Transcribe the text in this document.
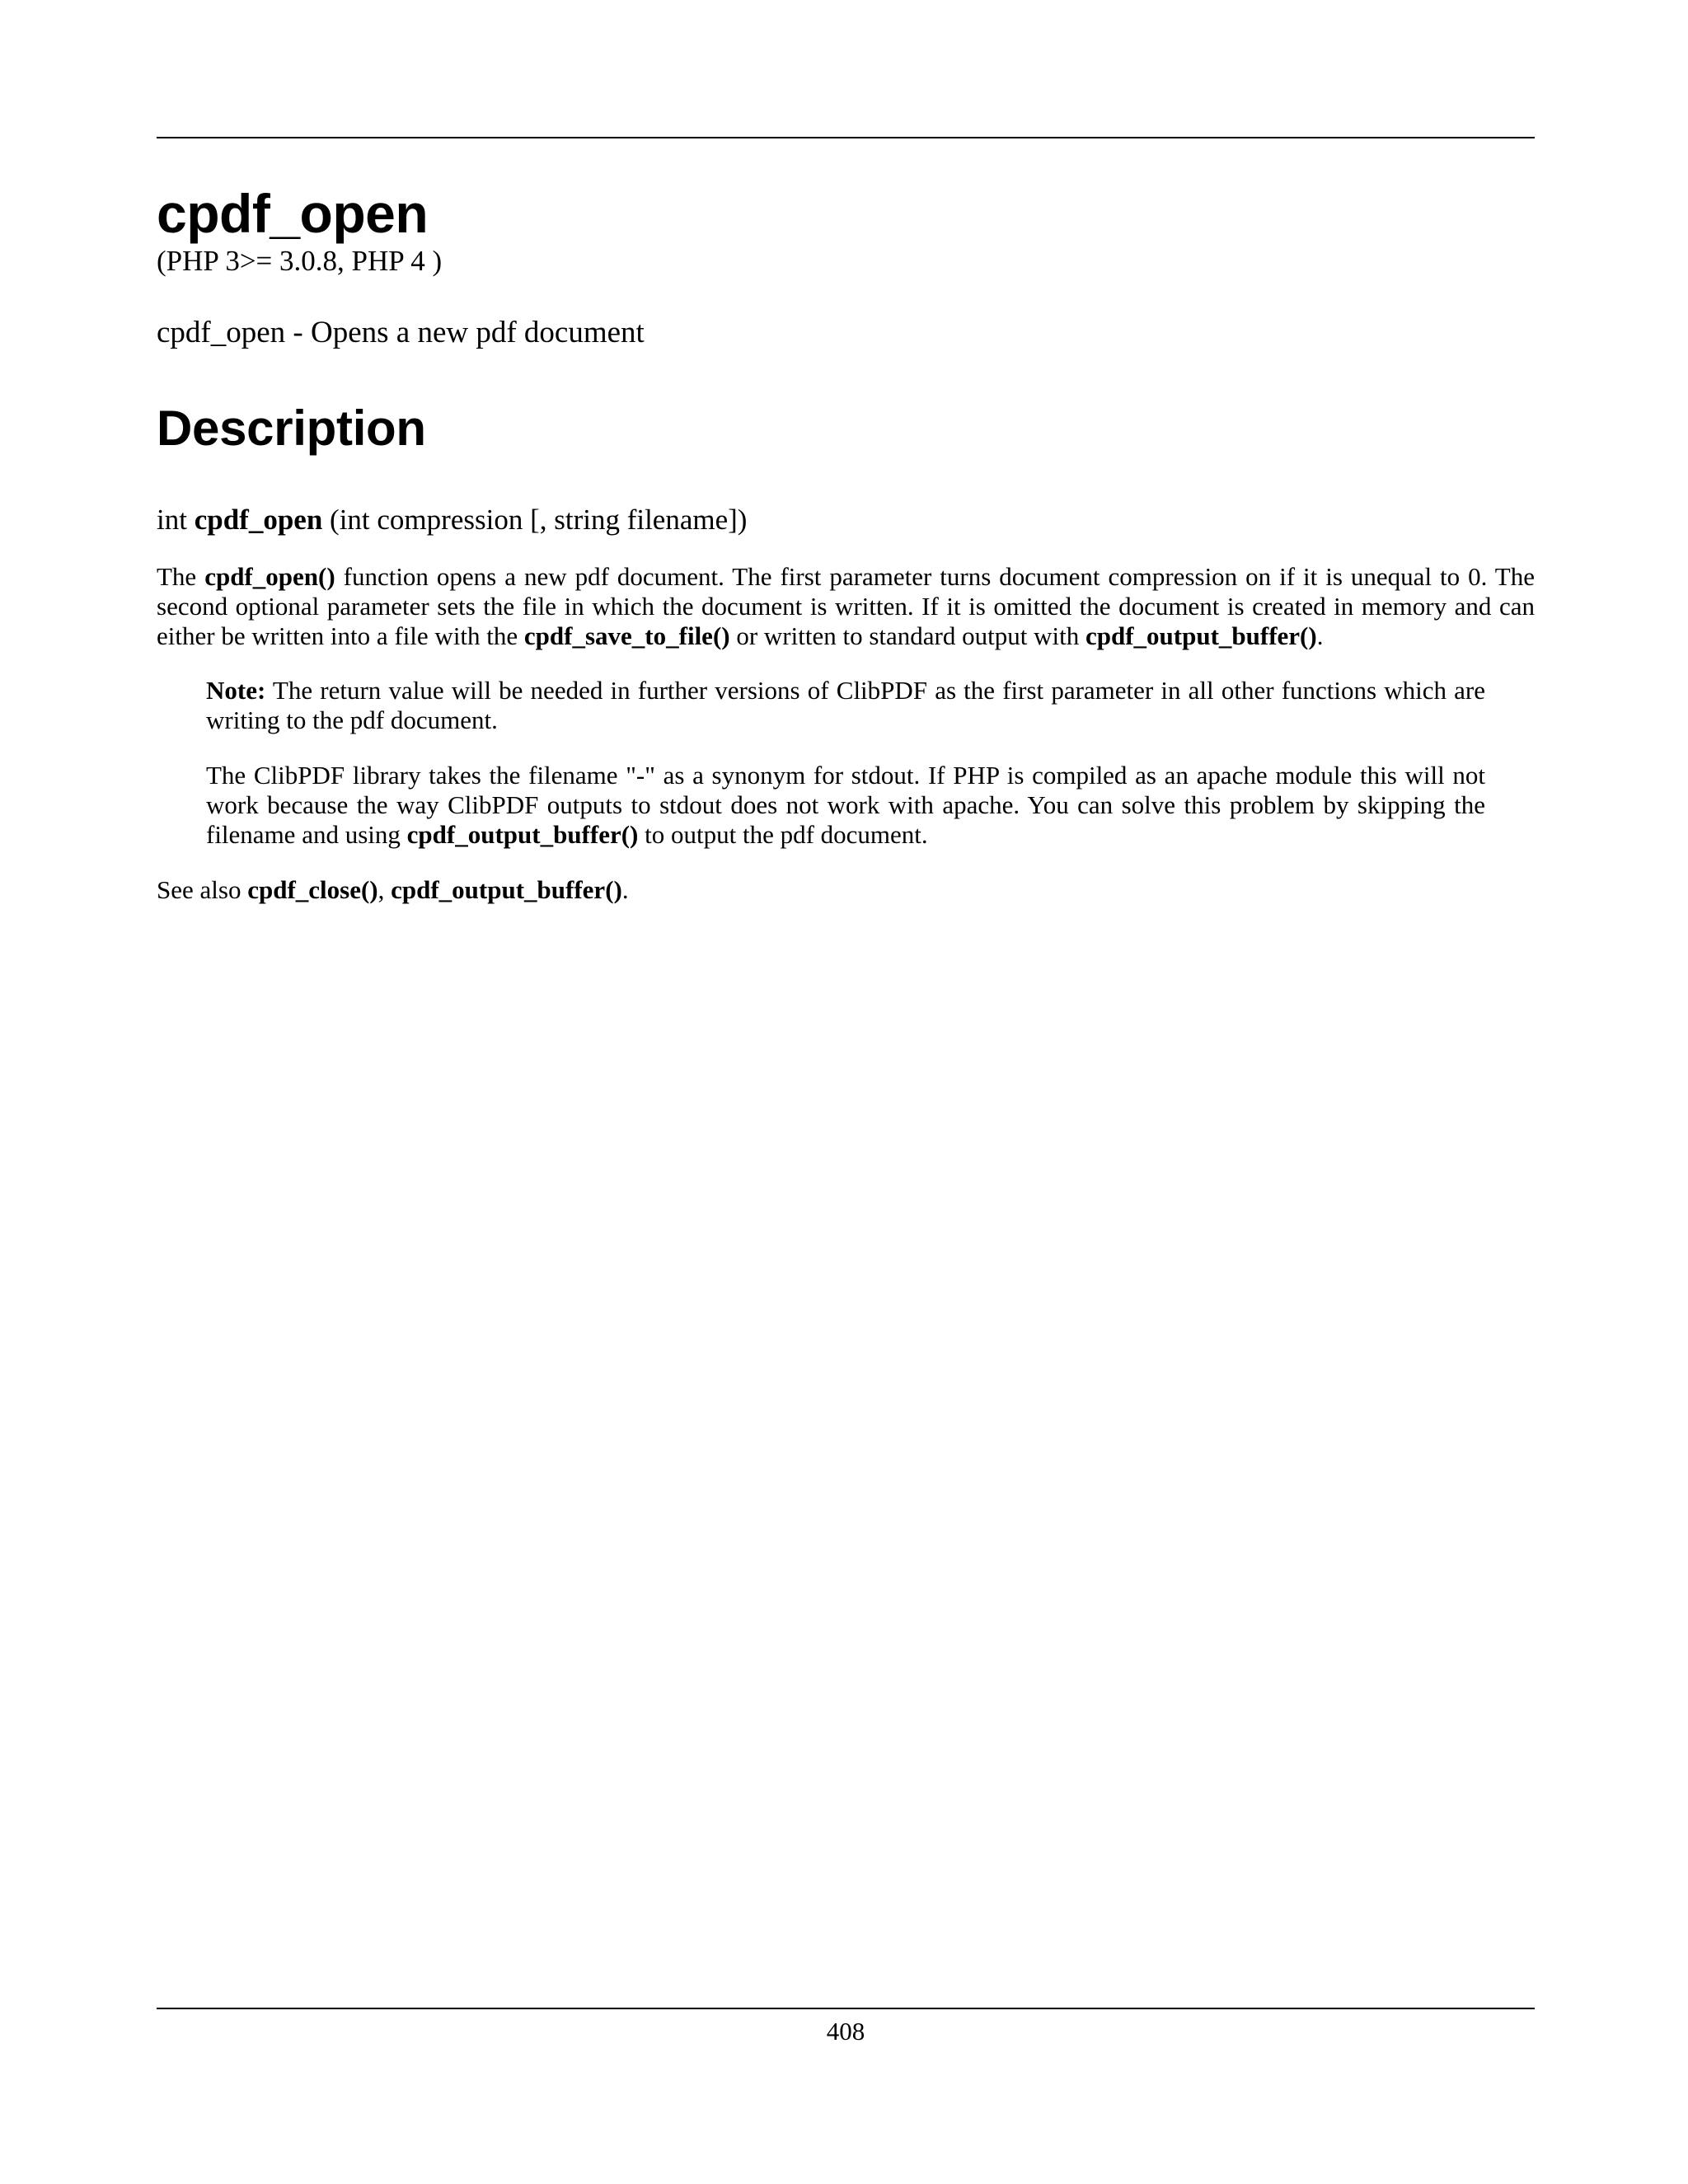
cpdf_open
(PHP 3>= 3.0.8, PHP 4 )
cpdf_open - Opens a new pdf document
Description
int cpdf_open (int compression [, string filename])

The cpdf_open() function opens a new pdf document. The first parameter turns document compression on if it is unequal to 0. The second optional parameter sets the file in which the document is written. If it is omitted the document is created in memory and can either be written into a file with the cpdf_save_to_file() or written to standard output with cpdf_output_buffer().

Note: The return value will be needed in further versions of ClibPDF as the first parameter in all other functions which are writing to the pdf document.

The ClibPDF library takes the filename "-" as a synonym for stdout. If PHP is compiled as an apache module this will not work because the way ClibPDF outputs to stdout does not work with apache. You can solve this problem by skipping the filename and using cpdf_output_buffer() to output the pdf document.

See also cpdf_close(), cpdf_output_buffer().
408
